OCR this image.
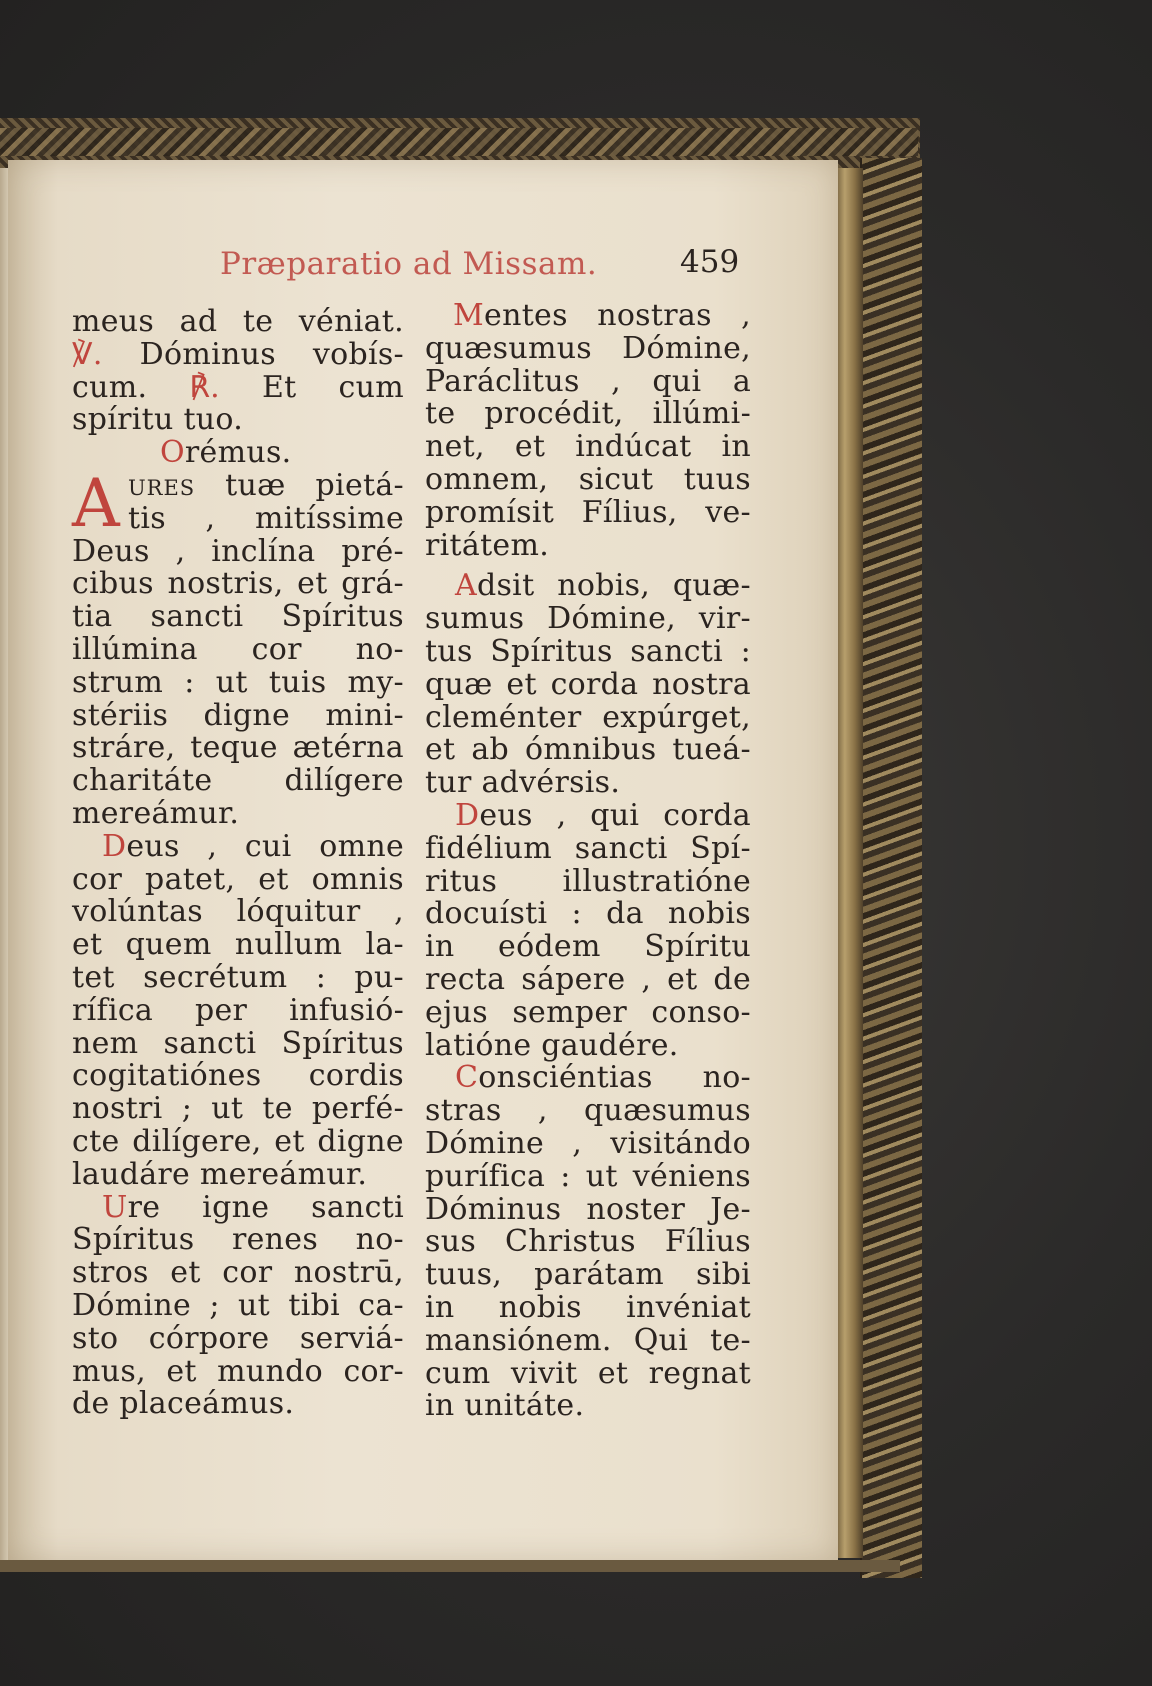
Præparatio ad Missam.	459
meus ad te véniat.
℣. Dóminus vobís-
cum. ℟. Et cum
spíritu tuo.
Orémus.
A ures tuæ pietá-
tis , mitíssime
Deus , inclína pré-
cibus nostris, et grá-
tia sancti Spíritus
illúmina cor no-
strum : ut tuis my-
stériis digne mini-
stráre, teque ætérna
charitáte dilígere
mereámur.
Deus , cui omne
cor patet, et omnis
volúntas lóquitur ,
et quem nullum la-
tet secrétum : pu-
rífica per infusió-
nem sancti Spíritus
cogitatiónes cordis
nostri ; ut te perfé-
cte dilígere, et digne
laudáre mereámur.
Ure igne sancti
Spíritus renes no-
stros et cor nostrū,
Dómine ; ut tibi ca-
sto córpore serviá-
mus, et mundo cor-
de placeámus.
Mentes nostras ,
quæsumus Dómine,
Paráclitus , qui a
te procédit, illúmi-
net, et indúcat in
omnem, sicut tuus
promísit Fílius, ve-
ritátem.
Adsit nobis, quæ-
sumus Dómine, vir-
tus Spíritus sancti :
quæ et corda nostra
cleménter expúrget,
et ab ómnibus tueá-
tur advérsis.
Deus , qui corda
fidélium sancti Spí-
ritus illustratióne
docuísti : da nobis
in eódem Spíritu
recta sápere , et de
ejus semper conso-
latióne gaudére.
Consciéntias no-
stras , quæsumus
Dómine , visitándo
purífica : ut véniens
Dóminus noster Je-
sus Christus Fílius
tuus, parátam sibi
in nobis invéniat
mansiónem. Qui te-
cum vivit et regnat
in unitáte.
